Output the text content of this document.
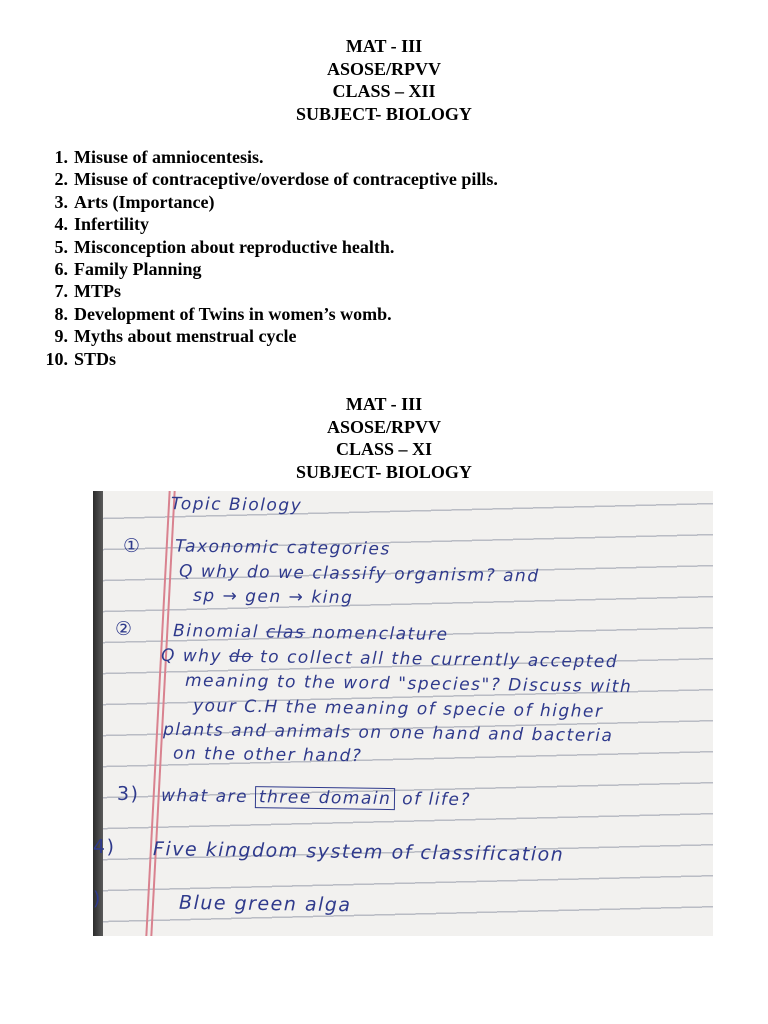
MAT - III
ASOSE/RPVV
CLASS – XII
SUBJECT- BIOLOGY
1. Misuse of amniocentesis.
2. Misuse of contraceptive/overdose of contraceptive pills.
3. Arts (Importance)
4. Infertility
5. Misconception about reproductive health.
6. Family Planning
7. MTPs
8. Development of Twins in women’s womb.
9. Myths about menstrual cycle
10. STDs
MAT - III
ASOSE/RPVV
CLASS – XI
SUBJECT- BIOLOGY
Topic Biology
① Taxonomic categories
Q why do we classify organism? and
sp → gen → king
② Binomial clas nomenclature
Q why do to collect all the currently accepted
meaning to the word "species"? Discuss with
your C.H the meaning of specie of higher
plants and animals on one hand and bacteria
on the other hand?
3) what are three domain of life?
4) Five kingdom system of classification
)	Blue green alga
